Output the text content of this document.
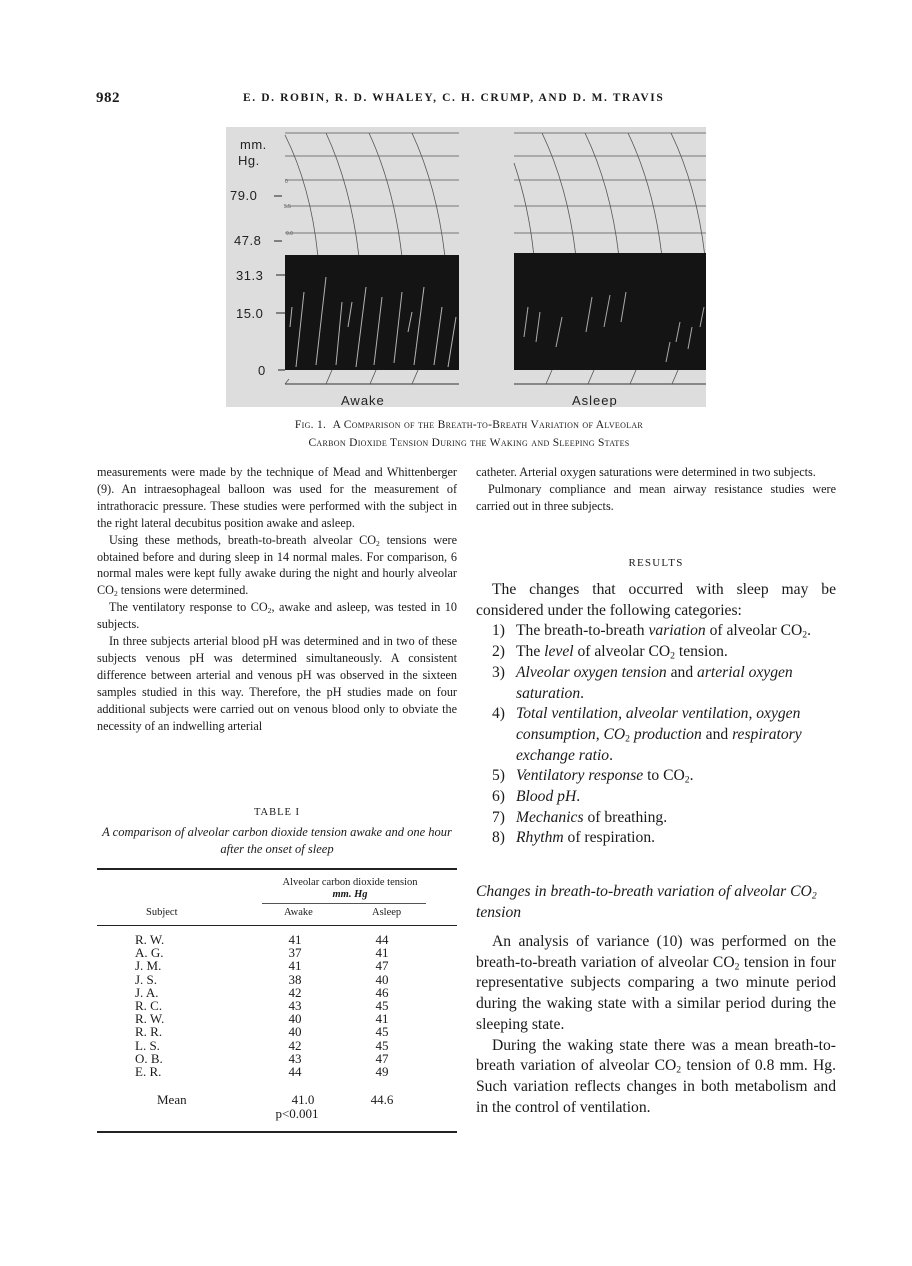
982	E. D. ROBIN, R. D. WHALEY, C. H. CRUMP, AND D. M. TRAVIS
0
5.5
9.0
mm.
Hg.
79.0
47.8
31.3
15.0
0
Awake	Asleep
Fig. 1. A Comparison of the Breath-to-Breath Variation of Alveolar
Carbon Dioxide Tension During the Waking and Sleeping States

measurements were made by the technique of Mead and Whittenberger (9). An intraesophageal balloon was used for the measurement of intrathoracic pressure. These studies were performed with the subject in the right lateral decubitus position awake and asleep.

Using these methods, breath-to-breath alveolar $CO_2$ tensions were obtained before and during sleep in 14 normal males. For comparison, 6 normal males were kept fully awake during the night and hourly alveolar $CO_2$ tensions were determined.

The ventilatory response to $CO_2$, awake and asleep, was tested in 10 subjects.

In three subjects arterial blood pH was determined and in two of these subjects venous pH was determined simultaneously. A consistent difference between arterial and venous pH was observed in the sixteen samples studied in this way. Therefore, the pH studies made on four additional subjects were carried out on venous blood only to obviate the necessity of an indwelling arterial

TABLE I
A comparison of alveolar carbon dioxide tension awake and one hour after the onset of sleep
Alveolar carbon dioxide tension
mm. Hg
Subject	Awake	Asleep
R. W.	41	44
A. G.	37	41
J. M.	41	47
J. S.	38	40
J. A.	42	46
R. C.	43	45
R. W.	40	41
R. R.	40	45
L. S.	42	45
O. B.	43	47
E. R.	44	49
Mean	41.0	44.6
p<0.001

catheter. Arterial oxygen saturations were determined in two subjects.

Pulmonary compliance and mean airway resistance studies were carried out in three subjects.

RESULTS

The changes that occurred with sleep may be considered under the following categories:

1) The breath-to-breath variation of alveolar $CO_2$.
2) The level of alveolar $CO_2$ tension.
3) Alveolar oxygen tension and arterial oxygen saturation.
4) Total ventilation, alveolar ventilation, oxygen consumption, $CO_2$ production and respiratory exchange ratio.
5) Ventilatory response to $CO_2$.
6) Blood pH.
7) Mechanics of breathing.
8) Rhythm of respiration.
Changes in breath-to-breath variation of alveolar $CO_2$ tension

An analysis of variance (10) was performed on the breath-to-breath variation of alveolar $CO_2$ tension in four representative subjects comparing a two minute period during the waking state with a similar period during the sleeping state.

During the waking state there was a mean breath-to-breath variation of alveolar $CO_2$ tension of 0.8 mm. Hg. Such variation reflects changes in both metabolism and in the control of ventilation.
